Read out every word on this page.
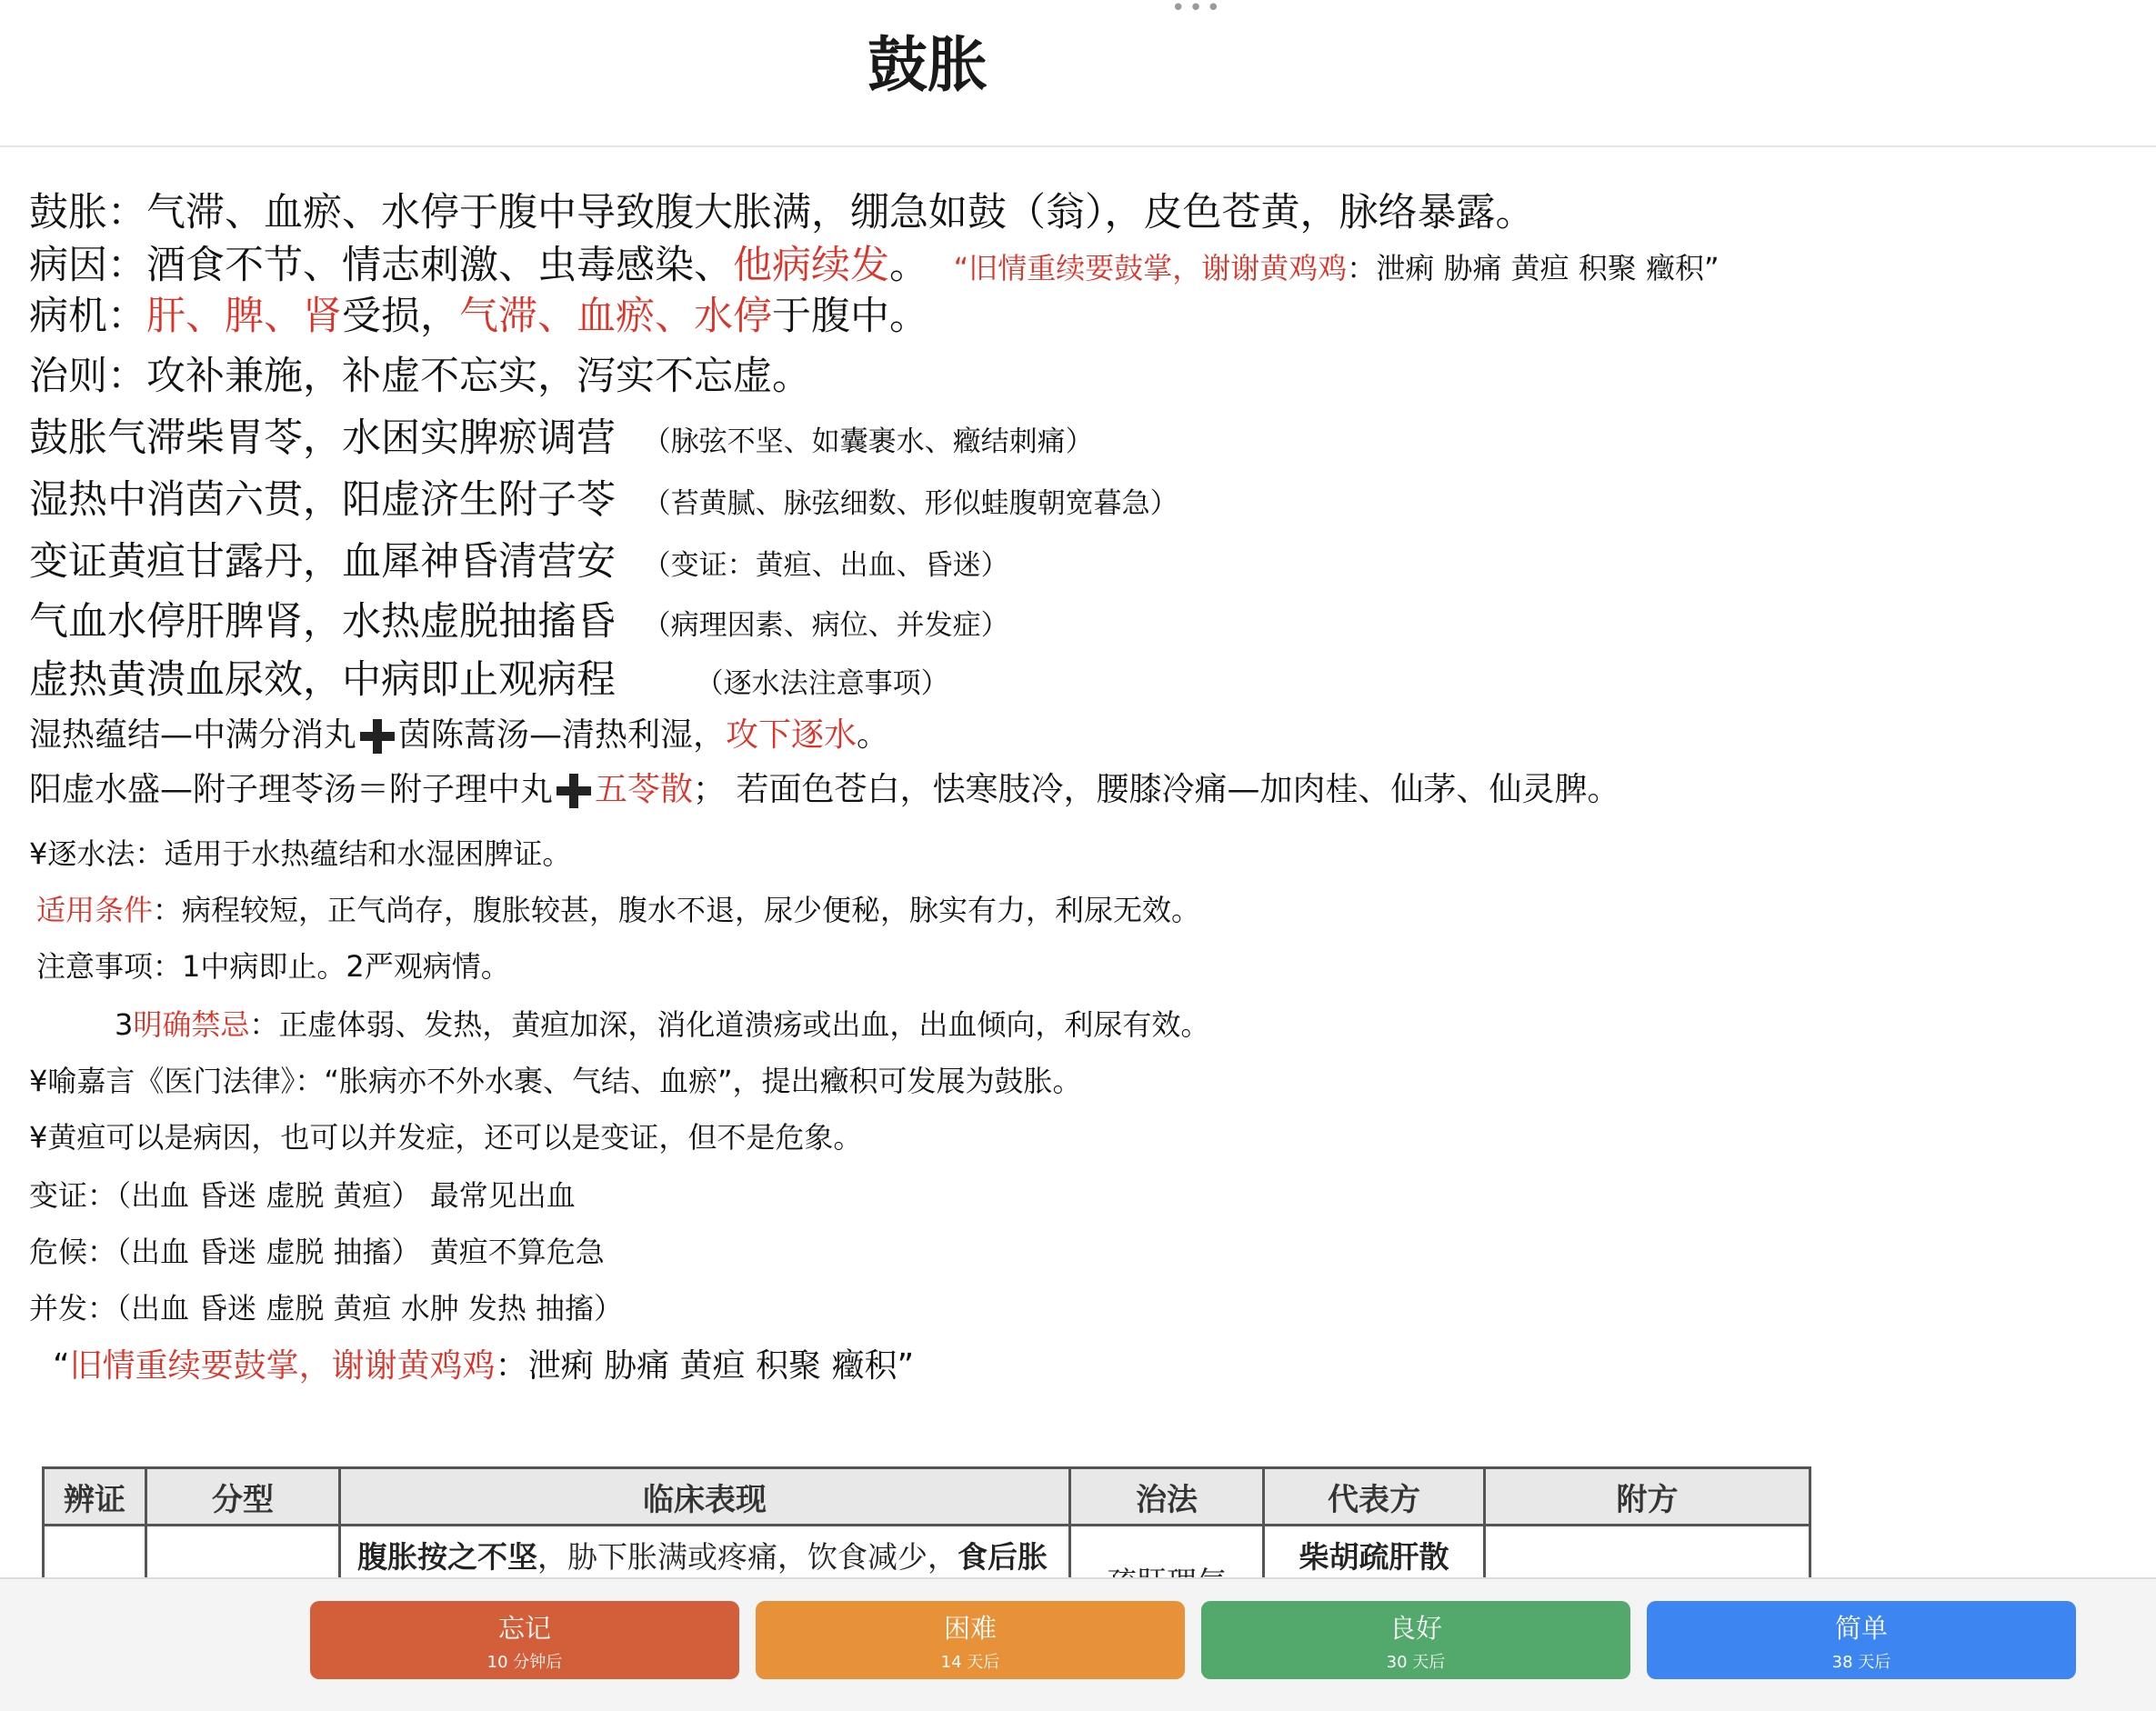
•••
鼓胀
鼓胀：气滞、血瘀、水停于腹中导致腹大胀满，绷急如鼓（翁），皮色苍黄，脉络暴露。
病因：酒食不节、情志刺激、虫毒感染、他病续发。 “旧情重续要鼓掌，谢谢黄鸡鸡：泄痢 胁痛 黄疸 积聚 癥积”
病机：肝、脾、肾受损，气滞、血瘀、水停于腹中。
治则：攻补兼施，补虚不忘实，泻实不忘虚。
鼓胀气滞柴胃苓，水困实脾瘀调营 （脉弦不坚、如囊裹水、癥结刺痛）
湿热中消茵六贯，阳虚济生附子苓 （苔黄腻、脉弦细数、形似蛙腹朝宽暮急）
变证黄疸甘露丹，血犀神昏清营安 （变证：黄疸、出血、昏迷）
气血水停肝脾肾，水热虚脱抽搐昏 （病理因素、病位、并发症）
虚热黄溃血尿效，中病即止观病程	（逐水法注意事项）
湿热蕴结—中满分消丸 茵陈蒿汤—清热利湿，攻下逐水。
阳虚水盛—附子理苓汤＝附子理中丸 五苓散； 若面色苍白，怯寒肢冷，腰膝冷痛—加肉桂、仙茅、仙灵脾。
¥逐水法：适用于水热蕴结和水湿困脾证。
适用条件：病程较短，正气尚存，腹胀较甚，腹水不退，尿少便秘，脉实有力，利尿无效。
注意事项：1中病即止。2严观病情。
3明确禁忌：正虚体弱、发热，黄疸加深，消化道溃疡或出血，出血倾向，利尿有效。
¥喻嘉言《医门法律》：“胀病亦不外水裹、气结、血瘀”，提出癥积可发展为鼓胀。
¥黄疸可以是病因，也可以并发症，还可以是变证，但不是危象。
变证：（出血 昏迷 虚脱 黄疸） 最常见出血
危候：（出血 昏迷 虚脱 抽搐） 黄疸不算危急
并发：（出血 昏迷 虚脱 黄疸 水肿 发热 抽搐）
“旧情重续要鼓掌，谢谢黄鸡鸡：泄痢 胁痛 黄疸 积聚 癥积”
辨证	分型	临床表现	治法	代表方	附方
		腹胀按之不坚，胁下胀满或疼痛，饮食减少，食后胀		柴胡疏肝散	
忘记
10 分钟后
困难
14 天后
良好
30 天后
简单
38 天后
